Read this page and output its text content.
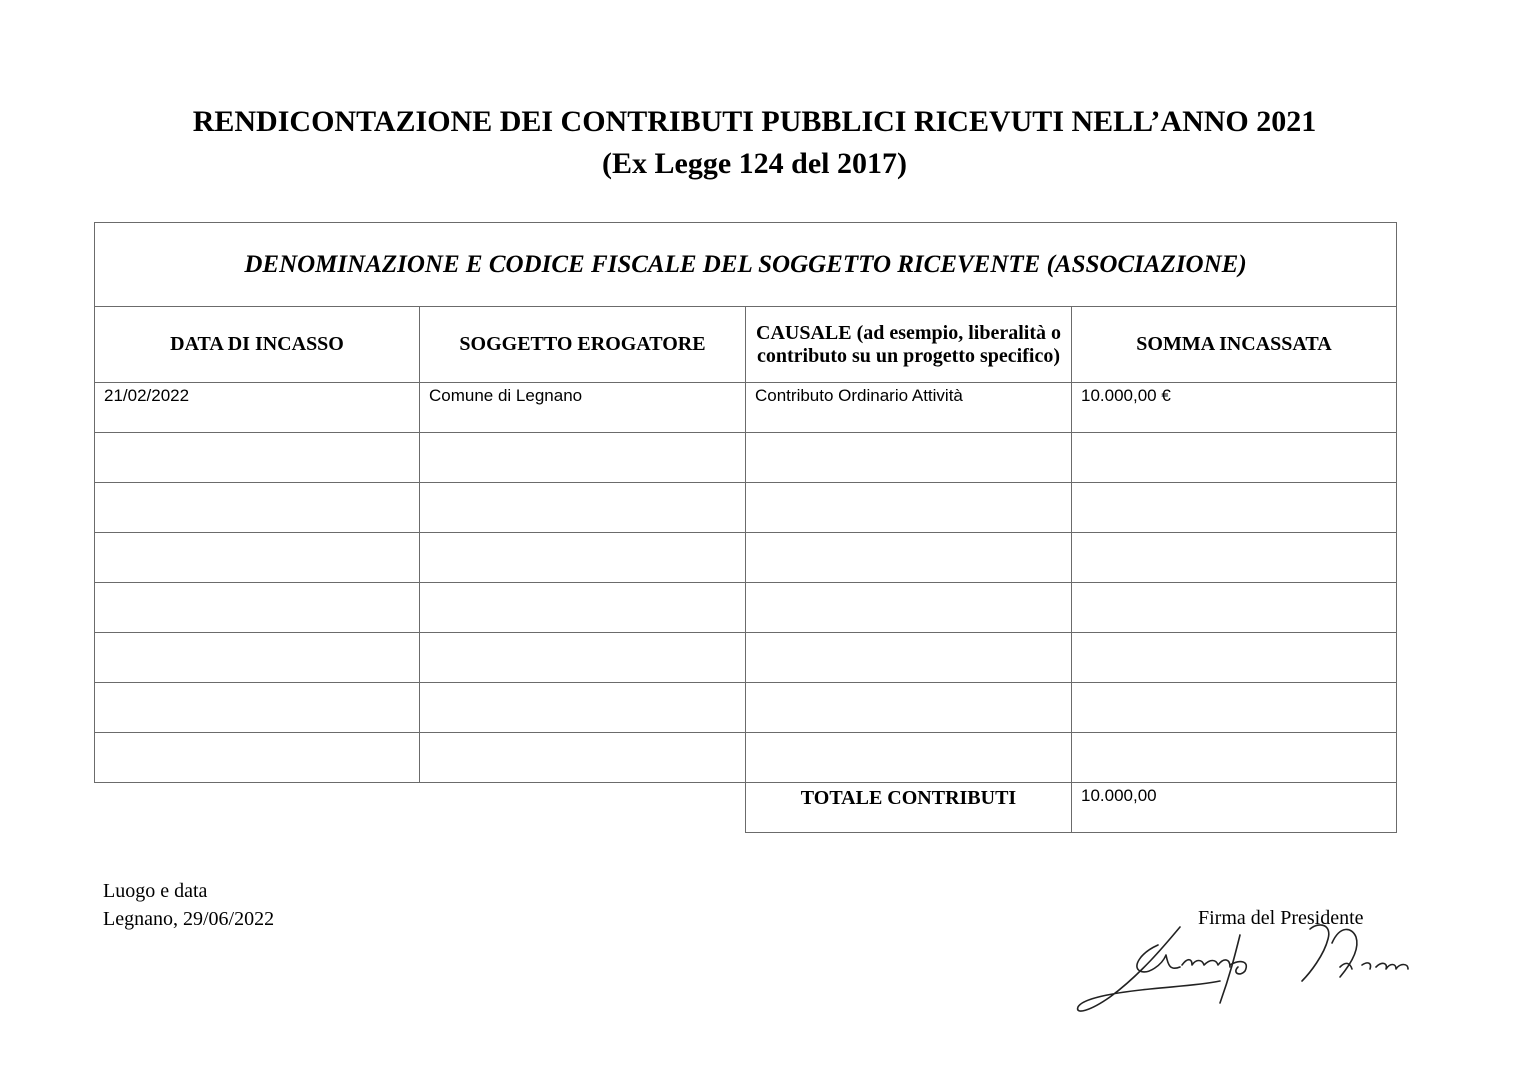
RENDICONTAZIONE DEI CONTRIBUTI PUBBLICI RICEVUTI NELL’ANNO 2021
(Ex Legge 124 del 2017)
DENOMINAZIONE E CODICE FISCALE DEL SOGGETTO RICEVENTE (ASSOCIAZIONE)			
DATA DI INCASSO	SOGGETTO EROGATORE	CAUSALE (ad esempio, liberalità o contributo su un progetto specifico)	SOMMA INCASSATA

21/02/2022	Comune di Legnano	Contributo Ordinario Attività	10.000,00 €

		TOTALE CONTRIBUTI	10.000,00
Luogo e data
Legnano, 29/06/2022	Firma del Presidente
